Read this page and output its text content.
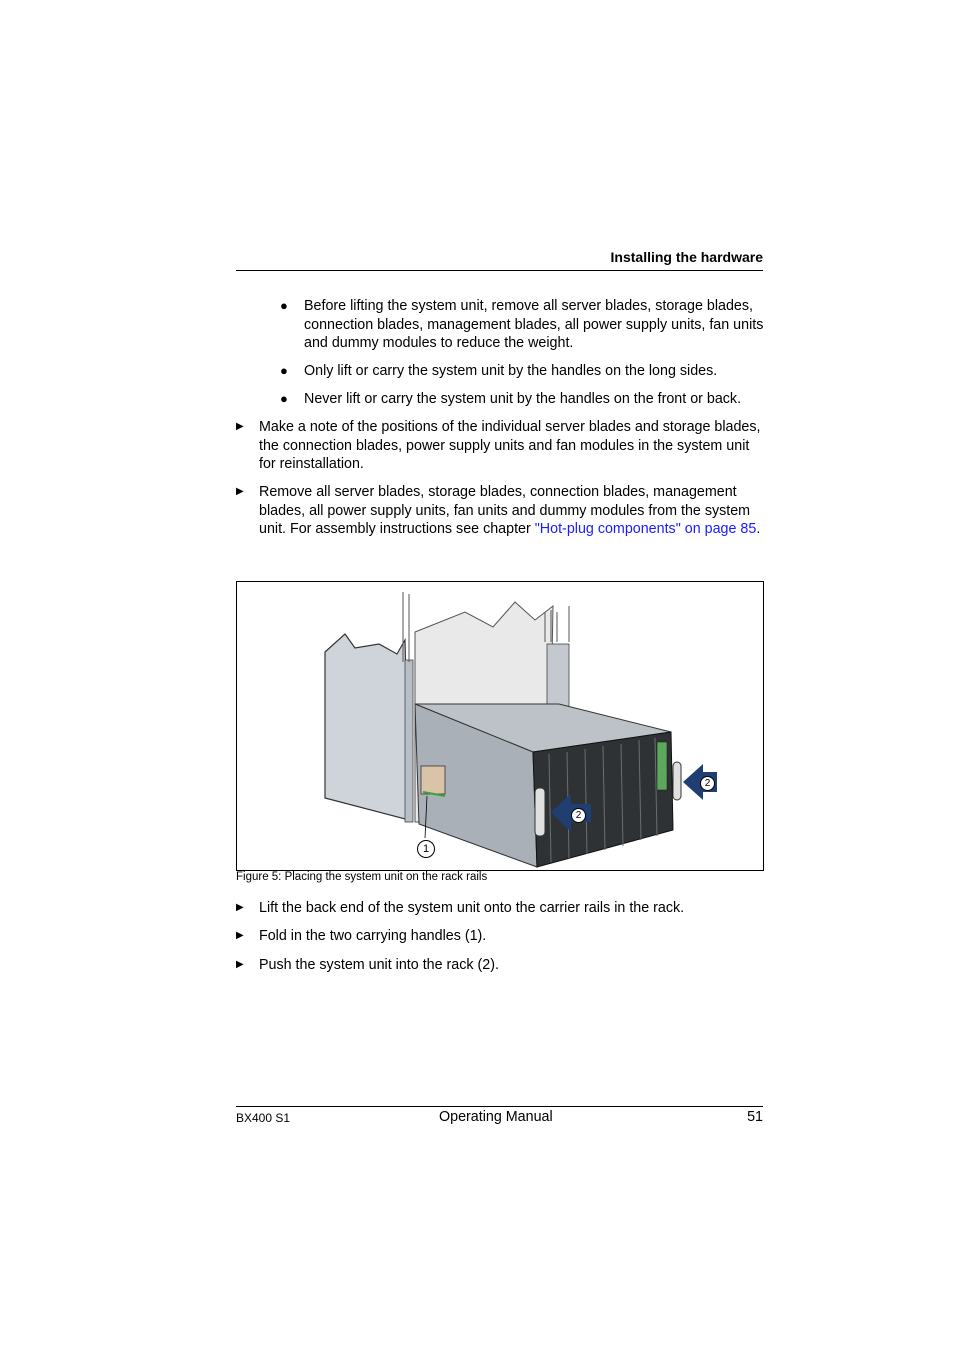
Installing the hardware
● Before lifting the system unit, remove all server blades, storage blades, connection blades, management blades, all power supply units, fan units and dummy modules to reduce the weight.
● Only lift or carry the system unit by the handles on the long sides.
● Never lift or carry the system unit by the handles on the front or back.
▶ Make a note of the positions of the individual server blades and storage blades, the connection blades, power supply units and fan modules in the system unit for reinstallation.
▶ Remove all server blades, storage blades, connection blades, management blades, all power supply units, fan units and dummy modules from the system unit. For assembly instructions see chapter "Hot-plug components" on page 85.
1
2
2
Figure 5: Placing the system unit on the rack rails
▶ Lift the back end of the system unit onto the carrier rails in the rack.
▶ Fold in the two carrying handles (1).
▶ Push the system unit into the rack (2).
BX400 S1	Operating Manual	51
